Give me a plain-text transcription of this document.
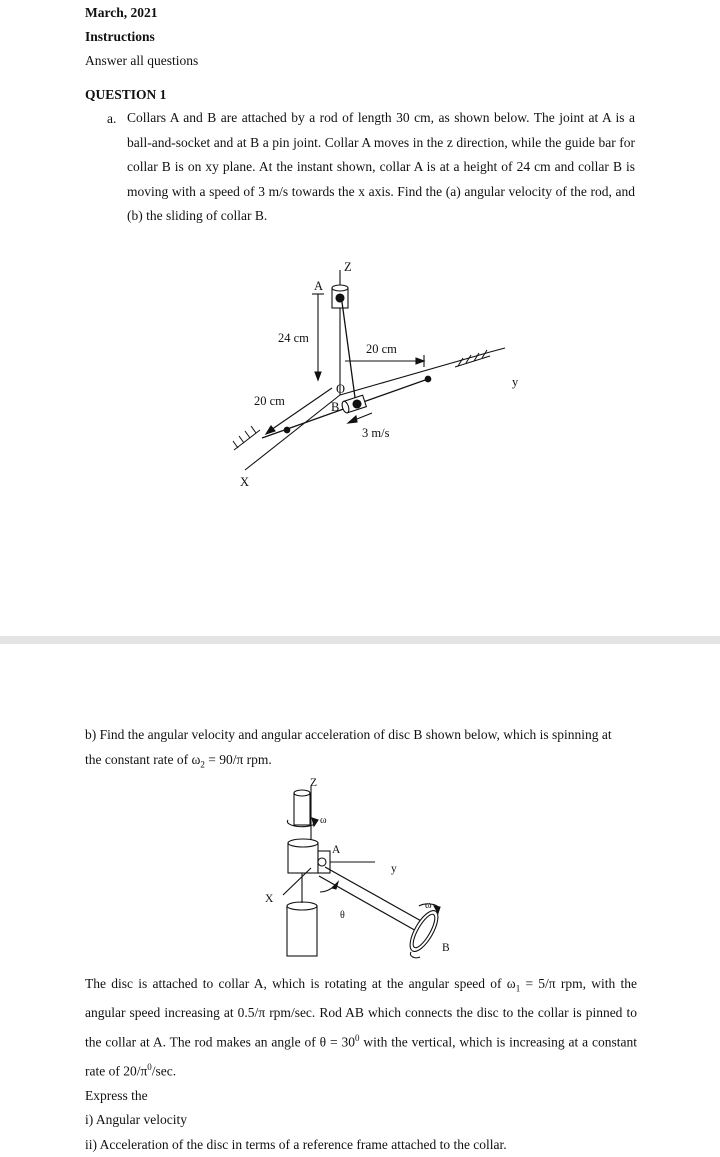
March, 2021
Instructions
Answer all questions
QUESTION 1
a. Collars A and B are attached by a rod of length 30 cm, as shown below. The joint at A is a ball-and-socket and at B a pin joint. Collar A moves in the z direction, while the guide bar for collar B is on xy plane. At the instant shown, collar A is at a height of 24 cm and collar B is moving with a speed of 3 m/s towards the x axis. Find the (a) angular velocity of the rod, and (b) the sliding of collar B.

Z
A
24 cm
20 cm
20 cm
O
B
3 m/s
y
X

b) Find the angular velocity and angular acceleration of disc B shown below, which is spinning at

the constant rate of $\omega_2 = 90/\pi$ rpm.

Z
ω
A
y
X
θ
ω
B

The disc is attached to collar A, which is rotating at the angular speed of $\omega_1 = 5/\pi$ rpm, with the angular speed increasing at 0.5/π rpm/sec. Rod AB which connects the disc to the collar is pinned to the collar at A. The rod makes an angle of $\theta = 30^0$ with the vertical, which is increasing at a constant rate of $20/\pi^0/\sec$.

Express the

i) Angular velocity

ii) Acceleration of the disc in terms of a reference frame attached to the collar.
